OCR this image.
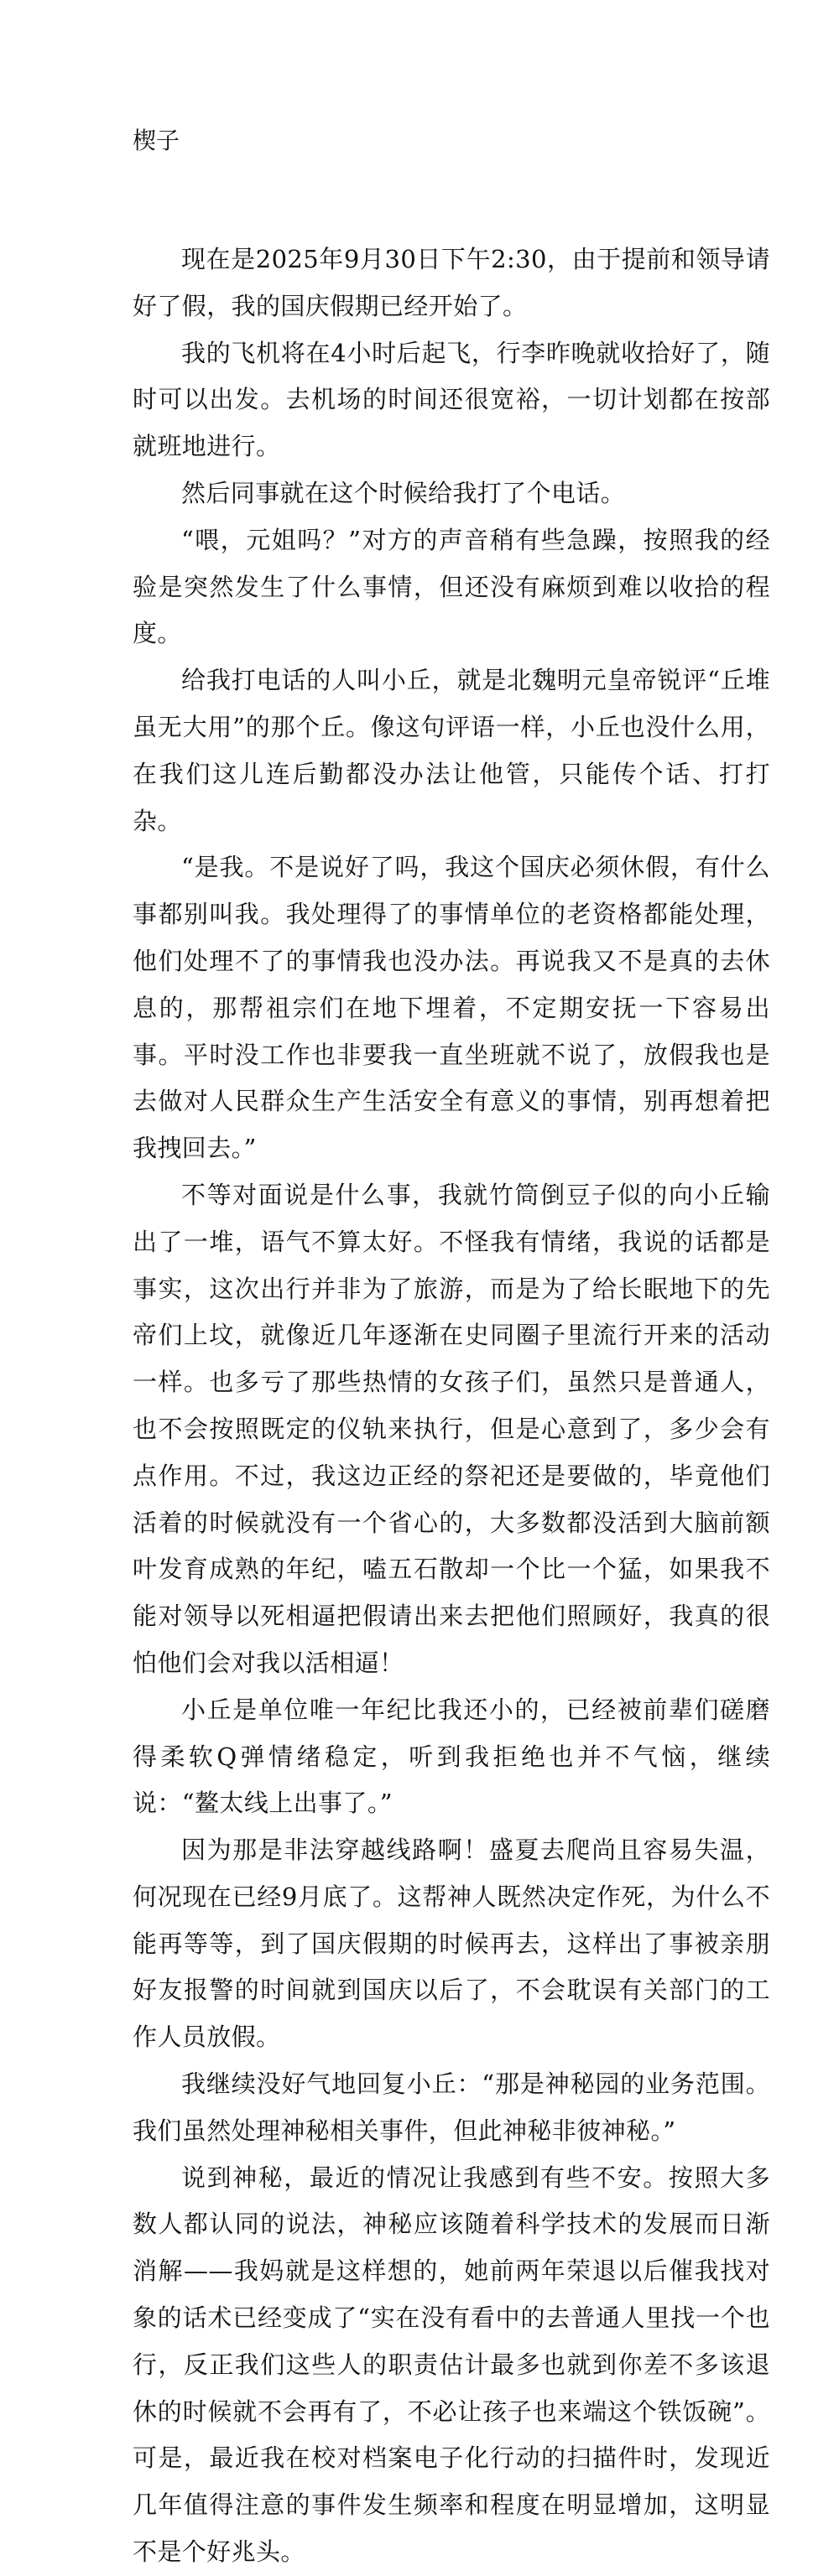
楔子

现在是2025年9月30日下午2:30，由于提前和领导请好了假，我的国庆假期已经开始了。

我的飞机将在4小时后起飞，行李昨晚就收拾好了，随时可以出发。去机场的时间还很宽裕，一切计划都在按部就班地进行。

然后同事就在这个时候给我打了个电话。

“喂，元姐吗？”对方的声音稍有些急躁，按照我的经验是突然发生了什么事情，但还没有麻烦到难以收拾的程度。

给我打电话的人叫小丘，就是北魏明元皇帝锐评“丘堆虽无大用”的那个丘。像这句评语一样，小丘也没什么用，在我们这儿连后勤都没办法让他管，只能传个话、打打杂。

“是我。不是说好了吗，我这个国庆必须休假，有什么事都别叫我。我处理得了的事情单位的老资格都能处理，他们处理不了的事情我也没办法。再说我又不是真的去休息的，那帮祖宗们在地下埋着，不定期安抚一下容易出事。平时没工作也非要我一直坐班就不说了，放假我也是去做对人民群众生产生活安全有意义的事情，别再想着把我拽回去。”

不等对面说是什么事，我就竹筒倒豆子似的向小丘输出了一堆，语气不算太好。不怪我有情绪，我说的话都是事实，这次出行并非为了旅游，而是为了给长眠地下的先帝们上坟，就像近几年逐渐在史同圈子里流行开来的活动一样。也多亏了那些热情的女孩子们，虽然只是普通人，也不会按照既定的仪轨来执行，但是心意到了，多少会有点作用。不过，我这边正经的祭祀还是要做的，毕竟他们活着的时候就没有一个省心的，大多数都没活到大脑前额叶发育成熟的年纪，嗑五石散却一个比一个猛，如果我不能对领导以死相逼把假请出来去把他们照顾好，我真的很怕他们会对我以活相逼！

小丘是单位唯一年纪比我还小的，已经被前辈们磋磨得柔软Q弹情绪稳定，听到我拒绝也并不气恼，继续说：“鳌太线上出事了。”

因为那是非法穿越线路啊！盛夏去爬尚且容易失温，何况现在已经9月底了。这帮神人既然决定作死，为什么不能再等等，到了国庆假期的时候再去，这样出了事被亲朋好友报警的时间就到国庆以后了，不会耽误有关部门的工作人员放假。

我继续没好气地回复小丘：“那是神秘园的业务范围。我们虽然处理神秘相关事件，但此神秘非彼神秘。”

说到神秘，最近的情况让我感到有些不安。按照大多数人都认同的说法，神秘应该随着科学技术的发展而日渐消解——我妈就是这样想的，她前两年荣退以后催我找对象的话术已经变成了“实在没有看中的去普通人里找一个也行，反正我们这些人的职责估计最多也就到你差不多该退休的时候就不会再有了，不必让孩子也来端这个铁饭碗”。可是，最近我在校对档案电子化行动的扫描件时，发现近几年值得注意的事件发生频率和程度在明显增加，这明显不是个好兆头。
